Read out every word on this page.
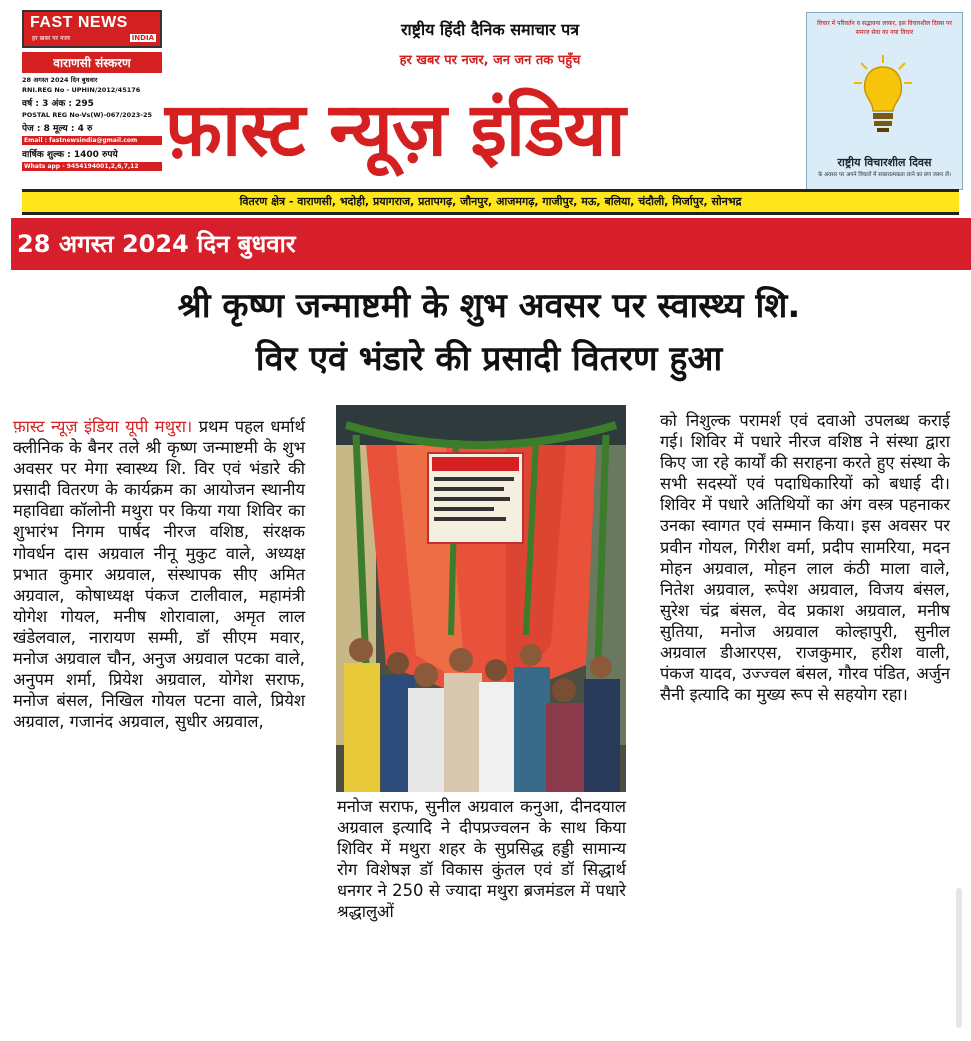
FAST NEWS
हर खबर पर नजर	INDIA
वाराणसी संस्करण
28 अगस्त 2024 दिन बुधवार
RNI.REG No - UPHIN/2012/45176
वर्ष : 3 अंक : 295
POSTAL REG No-Vs(W)-067/2023-25
पेज : 8 मूल्य : 4 रु
Email : fastnewsindia@gmail.com
वार्षिक शुल्क : 1400 रुपये
Whats app - 9454194001,2,6,7,12
राष्ट्रीय हिंदी दैनिक समाचार पत्र
हर खबर पर नजर, जन जन तक पहुँच
फ़ास्ट न्यूज़ इंडिया
विचार में परिवर्तन व सद्भावना लाकर, इस विचारशील दिवस पर समाज सेवा का नया विचार
राष्ट्रीय विचारशील दिवस
के अवसर पर अपने विचारों में सकारात्मकता लाने का प्रण जरूर लें।
वितरण क्षेत्र - वाराणसी, भदोही, प्रयागराज, प्रतापगढ़, जौनपुर, आजमगढ़, गाजीपुर, मऊ, बलिया, चंदौली, मिर्जापुर, सोनभद्र
28 अगस्त 2024 दिन बुधवार
श्री कृष्ण जन्माष्टमी के शुभ अवसर पर स्वास्थ्य शि.
विर एवं भंडारे की प्रसादी वितरण हुआ
फ़ास्ट न्यूज़ इंडिया यूपी मथुरा। प्रथम पहल धर्मार्थ क्लीनिक के बैनर तले श्री कृष्ण जन्माष्टमी के शुभ अवसर पर मेगा स्वास्थ्य शि. विर एवं भंडारे की प्रसादी वितरण के कार्यक्रम का आयोजन स्थानीय महाविद्या कॉलोनी मथुरा पर किया गया शिविर का शुभारंभ निगम पार्षद नीरज वशिष्ठ, संरक्षक गोवर्धन दास अग्रवाल नीनू मुकुट वाले, अध्यक्ष प्रभात कुमार अग्रवाल, संस्थापक सीए अमित अग्रवाल, कोषाध्यक्ष पंकज टालीवाल, महामंत्री योगेश गोयल, मनीष शोरावाला, अमृत लाल खंडेलवाल, नारायण सम्मी, डॉ सीएम मवार, मनोज अग्रवाल चौन, अनुज अग्रवाल पटका वाले, अनुपम शर्मा, प्रियेश अग्रवाल, योगेश सराफ, मनोज बंसल, निखिल गोयल पटना वाले, प्रियेश अग्रवाल, गजानंद अग्रवाल, सुधीर अग्रवाल,
मनोज सराफ, सुनील अग्रवाल कनुआ, दीनदयाल अग्रवाल इत्यादि ने दीपप्रज्वलन के साथ किया शिविर में मथुरा शहर के सुप्रसिद्ध हड्डी सामान्य रोग विशेषज्ञ डॉ विकास कुंतल एवं डॉ सिद्धार्थ धनगर ने 250 से ज्यादा मथुरा ब्रजमंडल में पधारे श्रद्धालुओं
को निशुल्क परामर्श एवं दवाओ उपलब्ध कराई गई। शिविर में पधारे नीरज वशिष्ठ ने संस्था द्वारा किए जा रहे कार्यों की सराहना करते हुए संस्था के सभी सदस्यों एवं पदाधिकारियों को बधाई दी। शिविर में पधारे अतिथियों का अंग वस्त्र पहनाकर उनका स्वागत एवं सम्मान किया। इस अवसर पर प्रवीन गोयल, गिरीश वर्मा, प्रदीप सामरिया, मदन मोहन अग्रवाल, मोहन लाल कंठी माला वाले, नितेश अग्रवाल, रूपेश अग्रवाल, विजय बंसल, सुरेश चंद्र बंसल, वेद प्रकाश अग्रवाल, मनीष सुतिया, मनोज अग्रवाल कोल्हापुरी, सुनील अग्रवाल डीआरएस, राजकुमार, हरीश वाली, पंकज यादव, उज्ज्वल बंसल, गौरव पंडित, अर्जुन सैनी इत्यादि का मुख्य रूप से सहयोग रहा।
